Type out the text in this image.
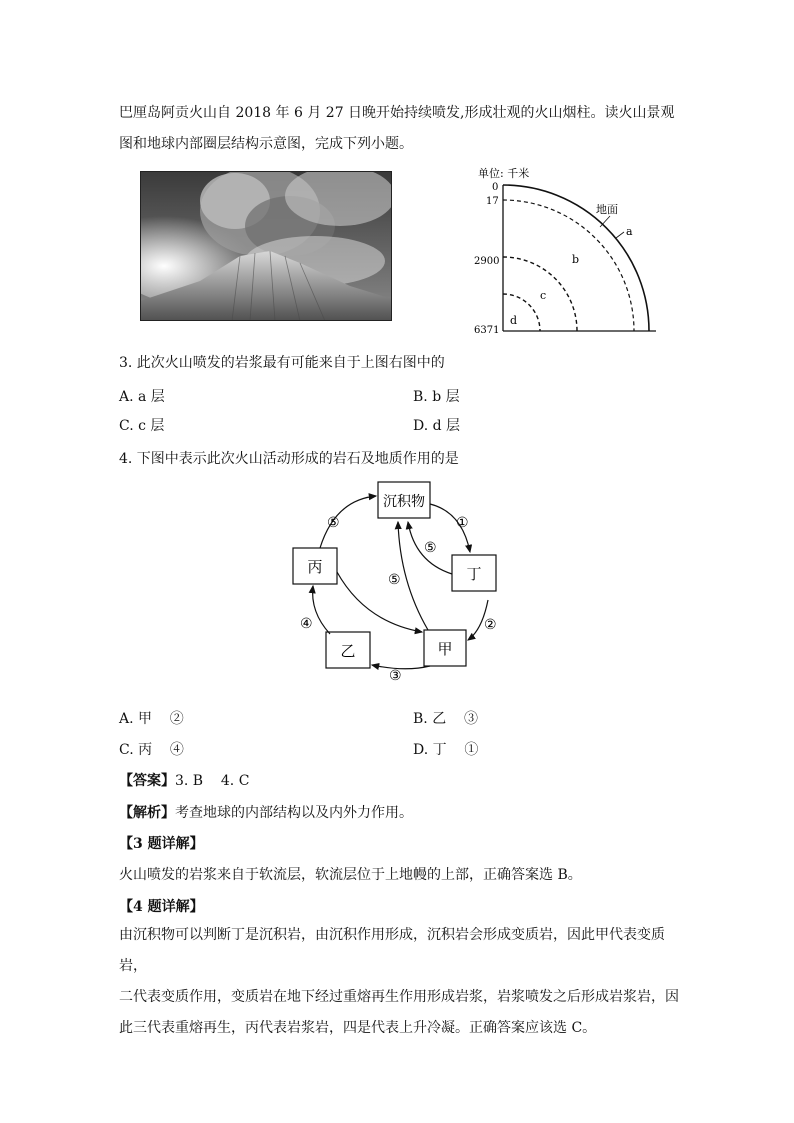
巴厘岛阿贡火山自 2018 年 6 月 27 日晚开始持续喷发,形成壮观的火山烟柱。读火山景观
图和地球内部圈层结构示意图，完成下列小题。
单位: 千米
0
17
2900
6371
地面
a
b
c
d
3. 此次火山喷发的岩浆最有可能来自于上图右图中的
A. a 层	B. b 层
C. c 层	D. d 层
4. 下图中表示此次火山活动形成的岩石及地质作用的是
沉积物
丁
丙
甲
乙
⑤	①
⑤
⑤
②
④
③
A. 甲    ②	B. 乙    ③
C. 丙    ④	D. 丁    ①
【答案】3. B    4. C
【解析】考查地球的内部结构以及内外力作用。
【3 题详解】
火山喷发的岩浆来自于软流层，软流层位于上地幔的上部，正确答案选 B。
【4 题详解】
由沉积物可以判断丁是沉积岩，由沉积作用形成，沉积岩会形成变质岩，因此甲代表变质岩，
二代表变质作用，变质岩在地下经过重熔再生作用形成岩浆，岩浆喷发之后形成岩浆岩，因
此三代表重熔再生，丙代表岩浆岩，四是代表上升冷凝。正确答案应该选 C。
